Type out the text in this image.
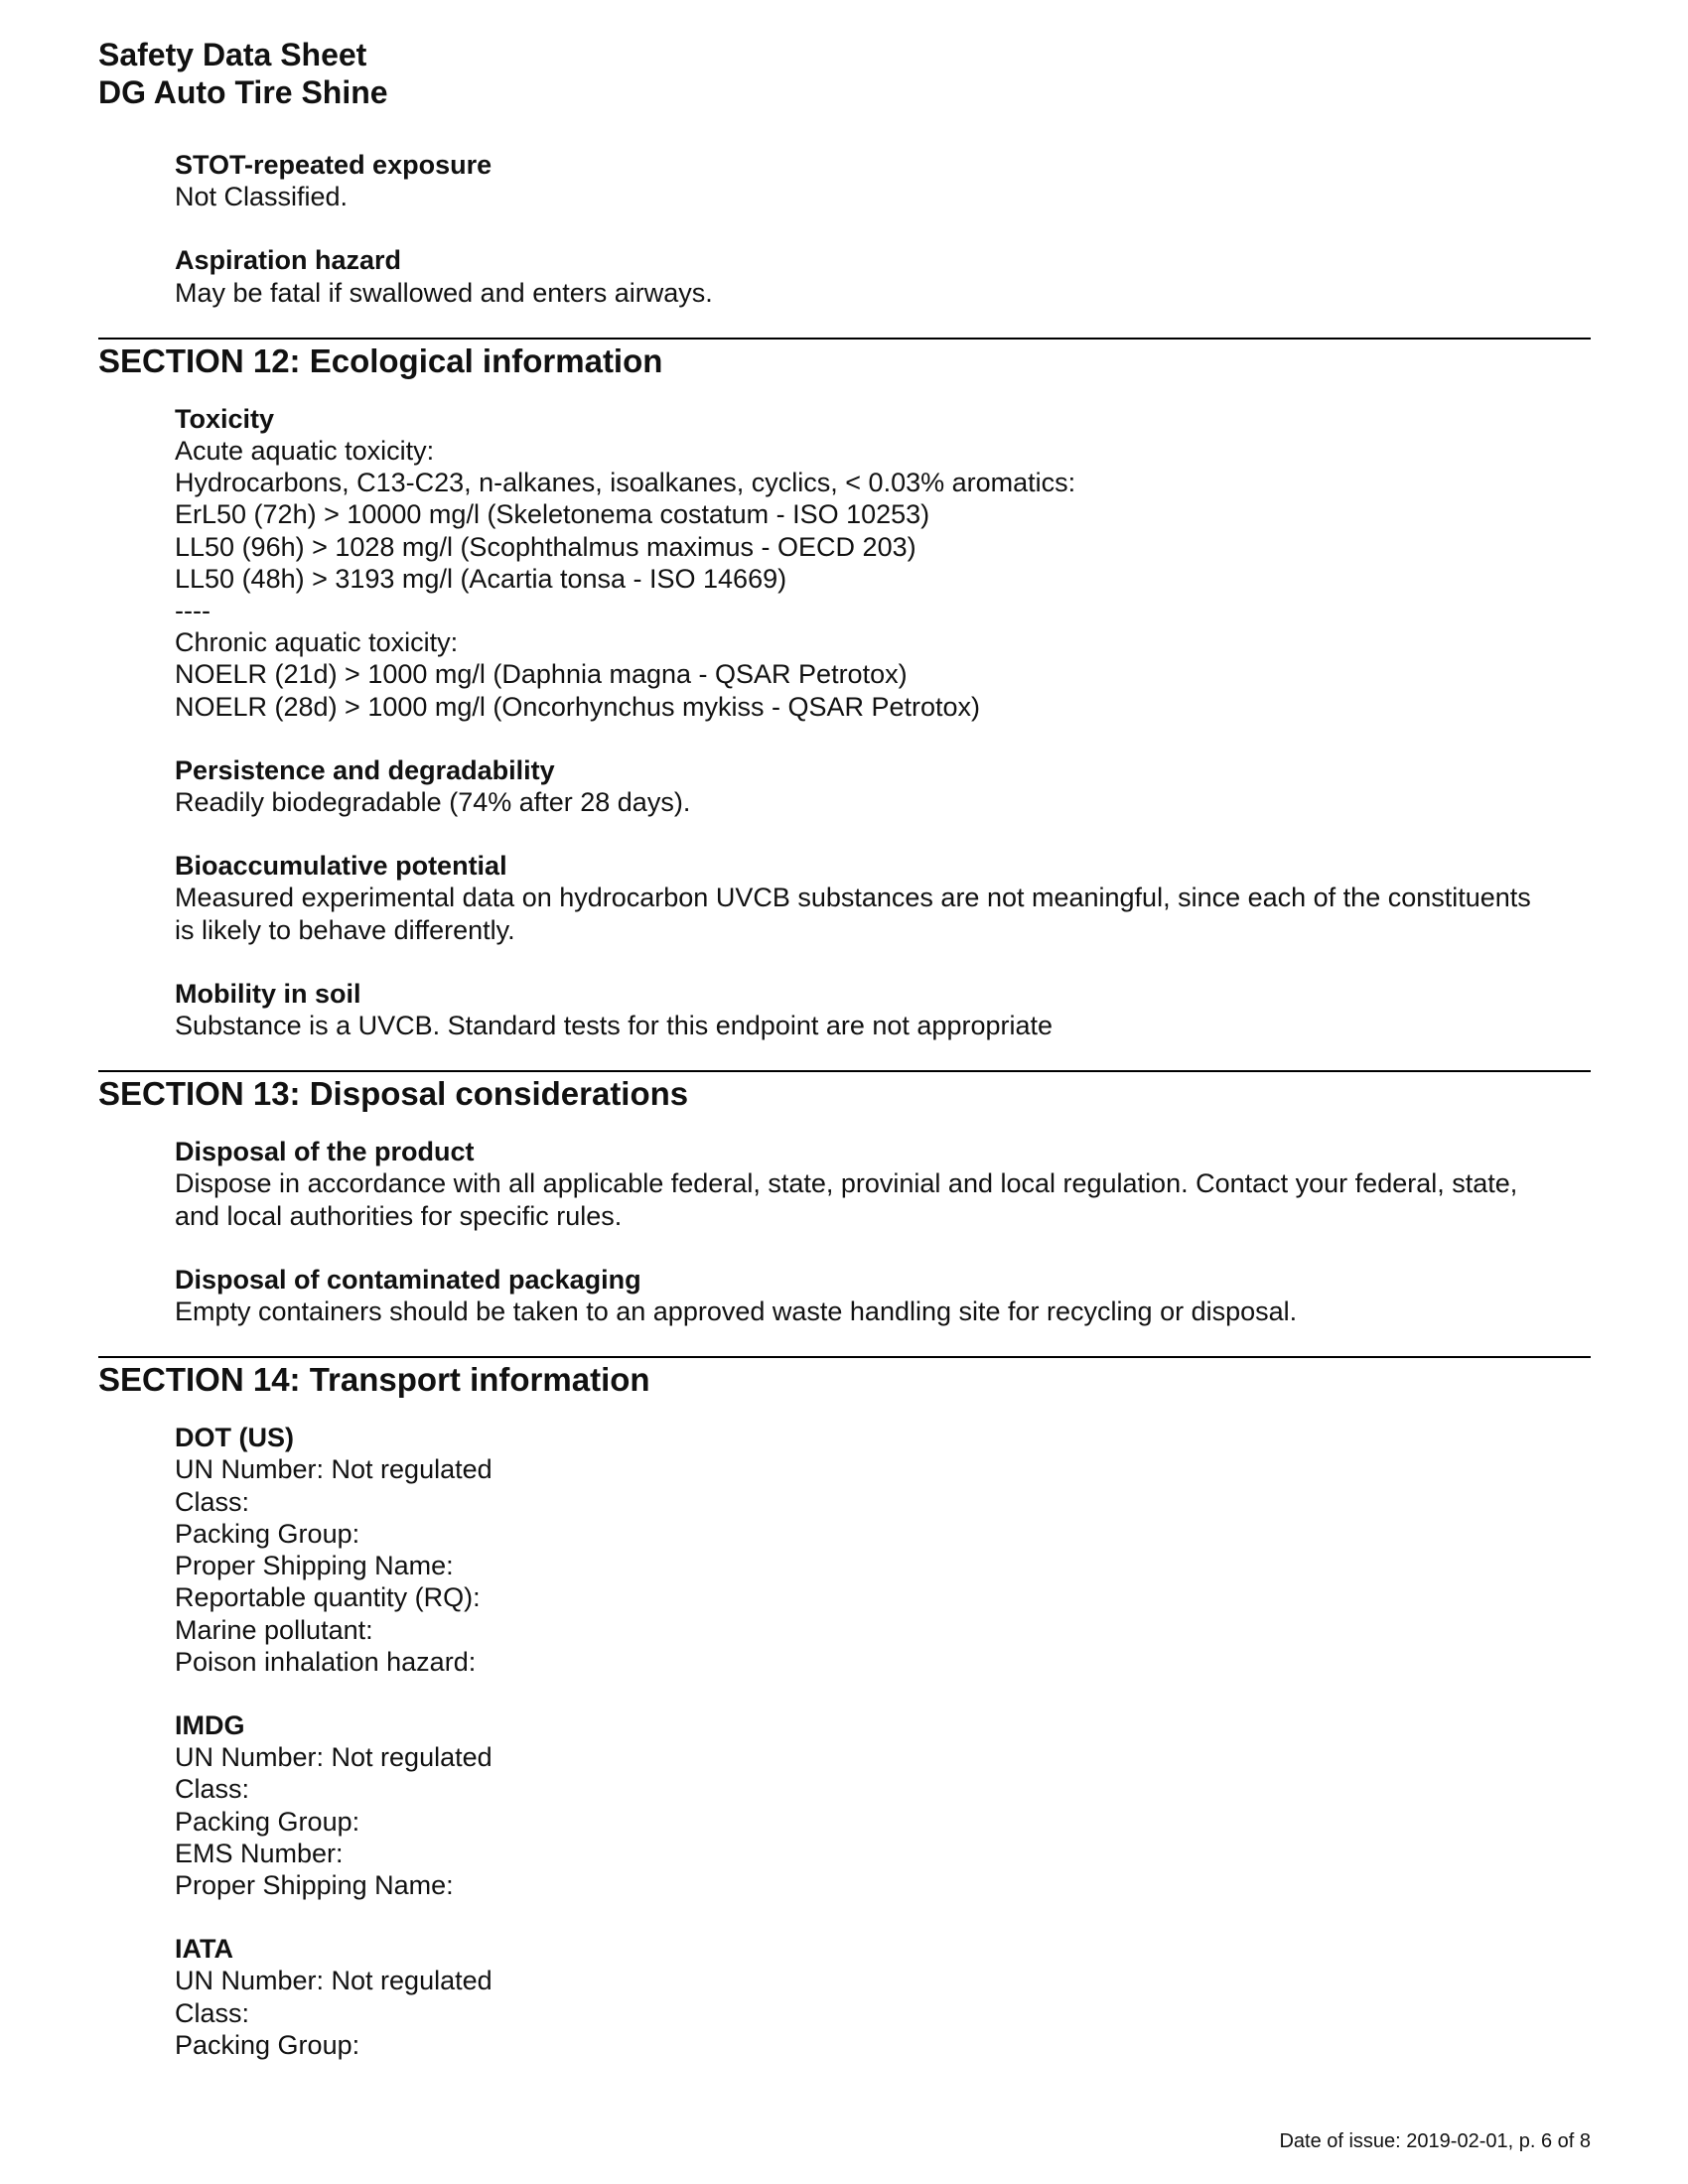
Safety Data Sheet
DG Auto Tire Shine
STOT-repeated exposure
Not Classified.
Aspiration hazard
May be fatal if swallowed and enters airways.
SECTION 12: Ecological information
Toxicity
Acute aquatic toxicity:
Hydrocarbons, C13-C23, n-alkanes, isoalkanes, cyclics, < 0.03% aromatics:
ErL50 (72h) > 10000 mg/l (Skeletonema costatum - ISO 10253)
LL50 (96h) > 1028 mg/l (Scophthalmus maximus - OECD 203)
LL50 (48h) > 3193 mg/l (Acartia tonsa - ISO 14669)
----
Chronic aquatic toxicity:
NOELR (21d) > 1000 mg/l (Daphnia magna - QSAR Petrotox)
NOELR (28d) > 1000 mg/l (Oncorhynchus mykiss - QSAR Petrotox)
Persistence and degradability
Readily biodegradable (74% after 28 days).
Bioaccumulative potential
Measured experimental data on hydrocarbon UVCB substances are not meaningful, since each of the constituents
is likely to behave differently.
Mobility in soil
Substance is a UVCB. Standard tests for this endpoint are not appropriate
SECTION 13: Disposal considerations
Disposal of the product
Dispose in accordance with all applicable federal, state, provinial and local regulation. Contact your federal, state,
and local authorities for specific rules.
Disposal of contaminated packaging
Empty containers should be taken to an approved waste handling site for recycling or disposal.
SECTION 14: Transport information
DOT (US)
UN Number: Not regulated
Class:
Packing Group:
Proper Shipping Name:
Reportable quantity (RQ):
Marine pollutant:
Poison inhalation hazard:
IMDG
UN Number: Not regulated
Class:
Packing Group:
EMS Number:
Proper Shipping Name:
IATA
UN Number: Not regulated
Class:
Packing Group:
Date of issue: 2019-02-01, p. 6 of 8
